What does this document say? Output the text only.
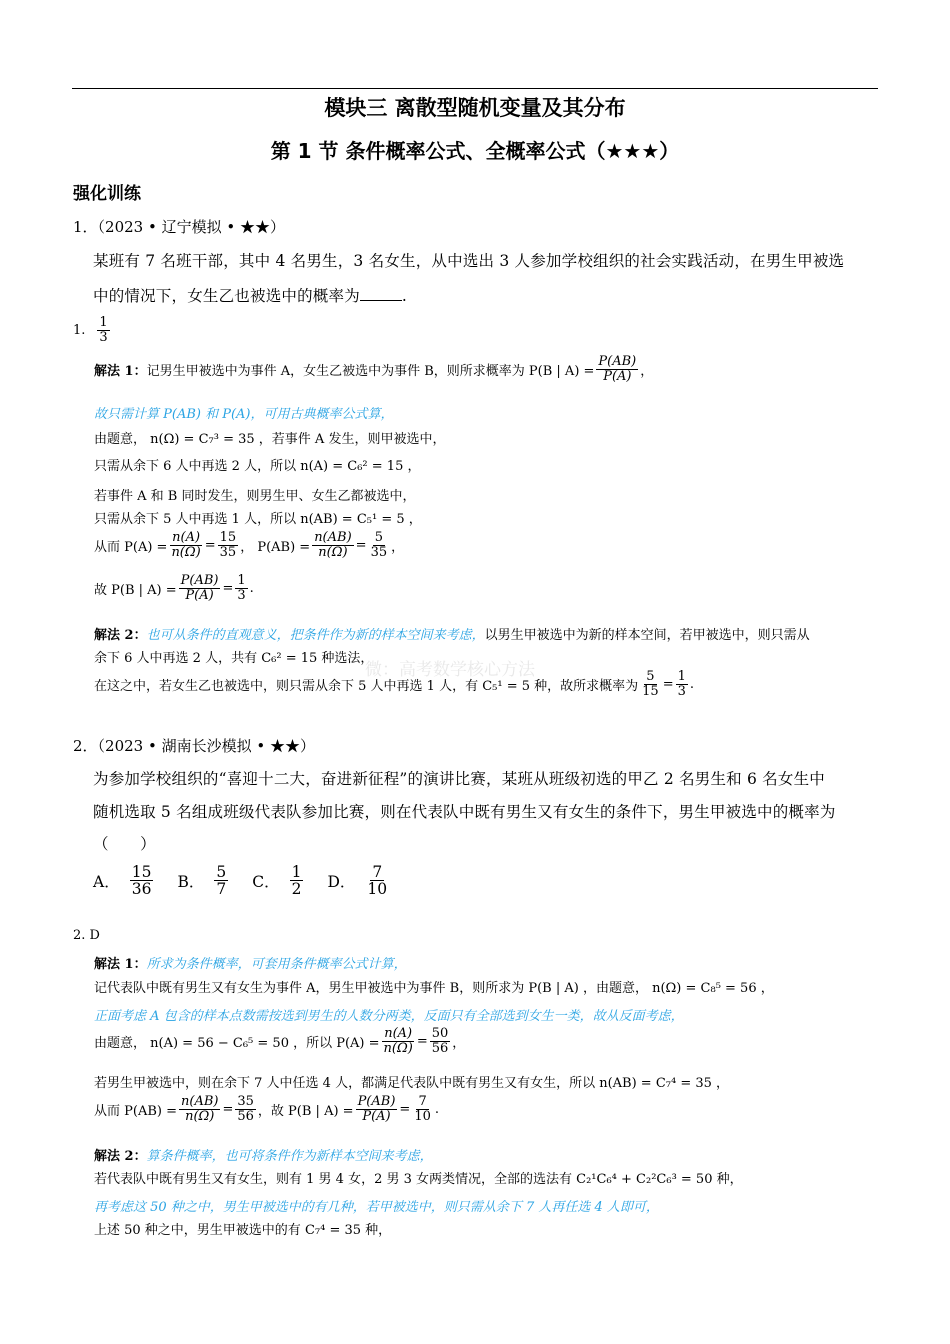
模块三 离散型随机变量及其分布
第 1 节 条件概率公式、全概率公式（★★★）
强化训练
1．（2023 • 辽宁模拟 • ★★）
某班有 7 名班干部，其中 4 名男生，3 名女生，从中选出 3 人参加学校组织的社会实践活动，在男生甲被选
中的情况下，女生乙也被选中的概率为	.
1. $\frac{1}{3}$
解法 1： 记男生甲被选中为事件 A，女生乙被选中为事件 B，则所求概率为 P(B | $A) = \frac{P(AB)}{P(A)}$ ，
故只需计算 P(AB) 和 P(A)，可用古典概率公式算，
由题意， n(Ω) = C₇³ = 35 ，若事件 A 发生，则甲被选中，
只需从余下 6 人中再选 2 人，所以 n(A) = C₆² = 15 ，
若事件 A 和 B 同时发生，则男生甲、女生乙都被选中，
只需从余下 5 人中再选 1 人，所以 n(AB) = C₅¹ = 5 ，
从而 $P(A) = \frac{n(A)}{n(\Omega)} = \frac{15}{35}$ ， $P(AB) = \frac{n(AB)}{n(\Omega)} = \frac{5}{35}$ ，
故 P(B | $A) = \frac{P(AB)}{P(A)} = \frac{1}{3}$ .
解法 2：也可从条件的直观意义，把条件作为新的样本空间来考虑，以男生甲被选中为新的样本空间，若甲被选中，则只需从
余下 6 人中再选 2 人，共有 C₆² = 15 种选法，
微：高考数学核心方法
在这之中，若女生乙也被选中，则只需从余下 5 人中再选 1 人，有 C₅¹ = 5 种，故所求概率为 $\frac{5}{15} = \frac{1}{3}$ .
2．（2023 • 湖南长沙模拟 • ★★）
为参加学校组织的“喜迎十二大，奋进新征程”的演讲比赛，某班从班级初选的甲乙 2 名男生和 6 名女生中
随机选取 5 名组成班级代表队参加比赛，则在代表队中既有男生又有女生的条件下，男生甲被选中的概率为
（　　）
A． $\frac{15}{36}$ B． $\frac{5}{7}$ C． $\frac{1}{2}$ D． $\frac{7}{10}$
2. D
解法 1：所求为条件概率，可套用条件概率公式计算，
记代表队中既有男生又有女生为事件 A，男生甲被选中为事件 B，则所求为 P(B | A) ，由题意， n(Ω) = C₈⁵ = 56 ，
正面考虑 A 包含的样本点数需按选到男生的人数分两类，反面只有全部选到女生一类，故从反面考虑，
由题意， n(A) = 56 − C₆⁵ = 50 ，所以 $P(A) = \frac{n(A)}{n(\Omega)} = \frac{50}{56}$ ，
若男生甲被选中，则在余下 7 人中任选 4 人，都满足代表队中既有男生又有女生，所以 n(AB) = C₇⁴ = 35 ，
从而 $P(AB) = \frac{n(AB)}{n(\Omega)} = \frac{35}{56}$ ，故 P(B | $A) = \frac{P(AB)}{P(A)} = \frac{7}{10}$ .
解法 2：算条件概率，也可将条件作为新样本空间来考虑，
若代表队中既有男生又有女生，则有 1 男 4 女，2 男 3 女两类情况，全部的选法有 C₂¹C₆⁴ + C₂²C₆³ = 50 种，
再考虑这 50 种之中，男生甲被选中的有几种，若甲被选中，则只需从余下 7 人再任选 4 人即可，
上述 50 种之中，男生甲被选中的有 C₇⁴ = 35 种，
